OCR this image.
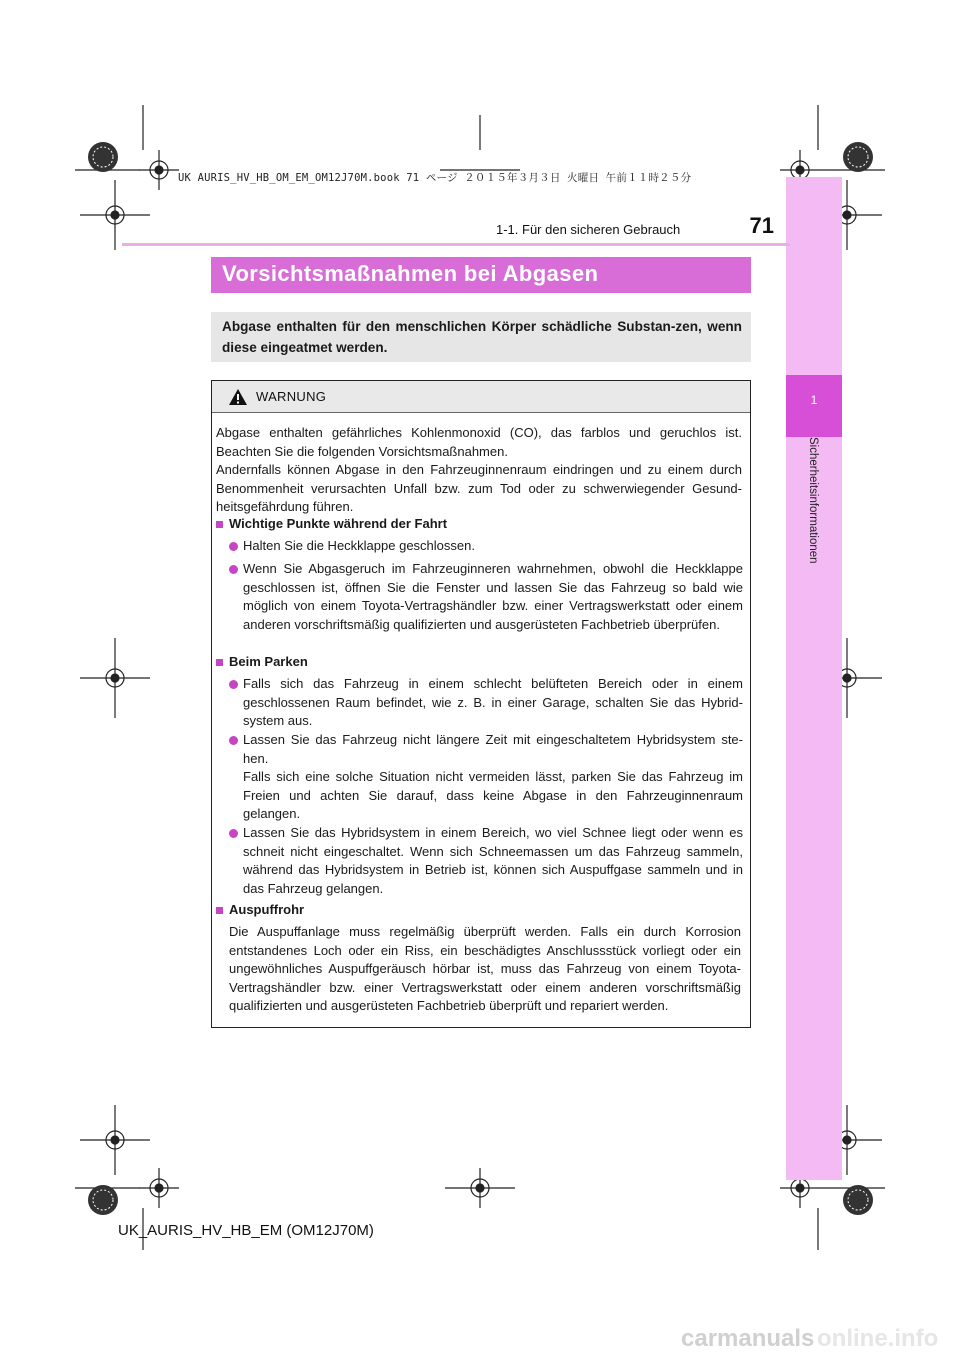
UK AURIS_HV_HB_OM_EM_OM12J70M.book 71 ページ ２０１５年３月３日 火曜日 午前１１時２５分
1
Sicherheitsinformationen
1-1. Für den sicheren Gebrauch	71
Vorsichtsmaßnahmen bei Abgasen
Abgase enthalten für den menschlichen Körper schädliche Substan-zen, wenn diese eingeatmet werden.
WARNUNG
Abgase enthalten gefährliches Kohlenmonoxid (CO), das farblos und geruchlos ist. Beachten Sie die folgenden Vorsichtsmaßnahmen.
Andernfalls können Abgase in den Fahrzeuginnenraum eindringen und zu einem durch Benommenheit verursachten Unfall bzw. zum Tod oder zu schwerwiegender Gesund-heitsgefährdung führen.
Wichtige Punkte während der Fahrt
Halten Sie die Heckklappe geschlossen.
Wenn Sie Abgasgeruch im Fahrzeuginneren wahrnehmen, obwohl die Heckklappe geschlossen ist, öffnen Sie die Fenster und lassen Sie das Fahrzeug so bald wie möglich von einem Toyota-Vertragshändler bzw. einer Vertragswerkstatt oder einem anderen vorschriftsmäßig qualifizierten und ausgerüsteten Fachbetrieb überprüfen.
Beim Parken
Falls sich das Fahrzeug in einem schlecht belüfteten Bereich oder in einem geschlossenen Raum befindet, wie z. B. in einer Garage, schalten Sie das Hybrid-system aus.
Lassen Sie das Fahrzeug nicht längere Zeit mit eingeschaltetem Hybridsystem ste-hen.
Falls sich eine solche Situation nicht vermeiden lässt, parken Sie das Fahrzeug im Freien und achten Sie darauf, dass keine Abgase in den Fahrzeuginnenraum gelangen.
Lassen Sie das Hybridsystem in einem Bereich, wo viel Schnee liegt oder wenn es schneit nicht eingeschaltet. Wenn sich Schneemassen um das Fahrzeug sammeln, während das Hybridsystem in Betrieb ist, können sich Auspuffgase sammeln und in das Fahrzeug gelangen.
Auspuffrohr
Die Auspuffanlage muss regelmäßig überprüft werden. Falls ein durch Korrosion entstandenes Loch oder ein Riss, ein beschädigtes Anschlussstück vorliegt oder ein ungewöhnliches Auspuffgeräusch hörbar ist, muss das Fahrzeug von einem Toyota-Vertragshändler bzw. einer Vertragswerkstatt oder einem anderen vorschriftsmäßig qualifizierten und ausgerüsteten Fachbetrieb überprüft und repariert werden.
UK_AURIS_HV_HB_EM (OM12J70M)
carmanuals online.info
